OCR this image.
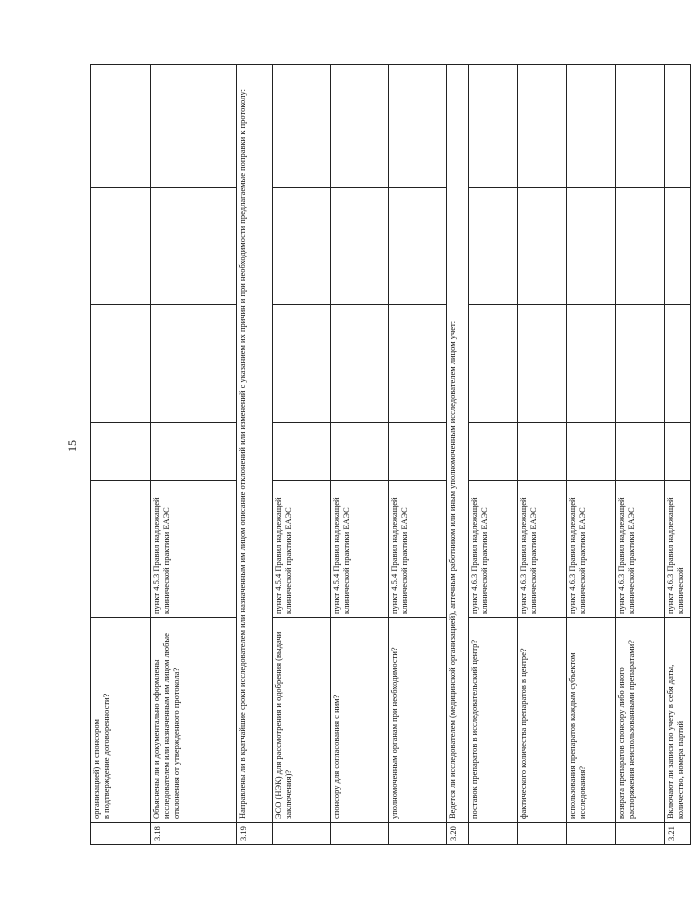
15
	организацией) и спонсором
в подтверждение договоренности?					
3.18	Объяснены ли и документально оформлены исследователем или назначенным им лицом любые отклонения от утвержденного протокола?	пункт 4.5.3 Правил надлежащей клинической практики ЕАЭС				
3.19	Направлены ли в кратчайшие сроки исследователем или назначенным им лицом описание отклонений или изменений с указанием их причин и при необходимости предлагаемые поправки к протоколу:					
	ЭСО (НЭК) для рассмотрения и одобрения (выдачи заключения)?	пункт 4.5.4 Правил надлежащей клинической практики ЕАЭС				
	спонсору для согласования с ним?	пункт 4.5.4 Правил надлежащей клинической практики ЕАЭС				
	уполномоченным органам при необходимости?	пункт 4.5.4 Правил надлежащей клинической практики ЕАЭС				
3.20	Ведется ли исследователем (медицинской организацией), аптечным работником или иным уполномоченным исследователем лицом учет:					
	поставок препаратов в исследовательский центр?	пункт 4.6.3 Правил надлежащей клинической практики ЕАЭС				
	фактического количества препаратов в центре?	пункт 4.6.3 Правил надлежащей клинической практики ЕАЭС				
	использования препаратов каждым субъектом исследования?	пункт 4.6.3 Правил надлежащей клинической практики ЕАЭС				
	возврата препаратов спонсору либо иного распоряжения неиспользованными препаратами?	пункт 4.6.3 Правил надлежащей клинической практики ЕАЭС				
3.21	Включают ли записи по учету в себя даты, количество, номера партий	пункт 4.6.3 Правил надлежащей клинической				
